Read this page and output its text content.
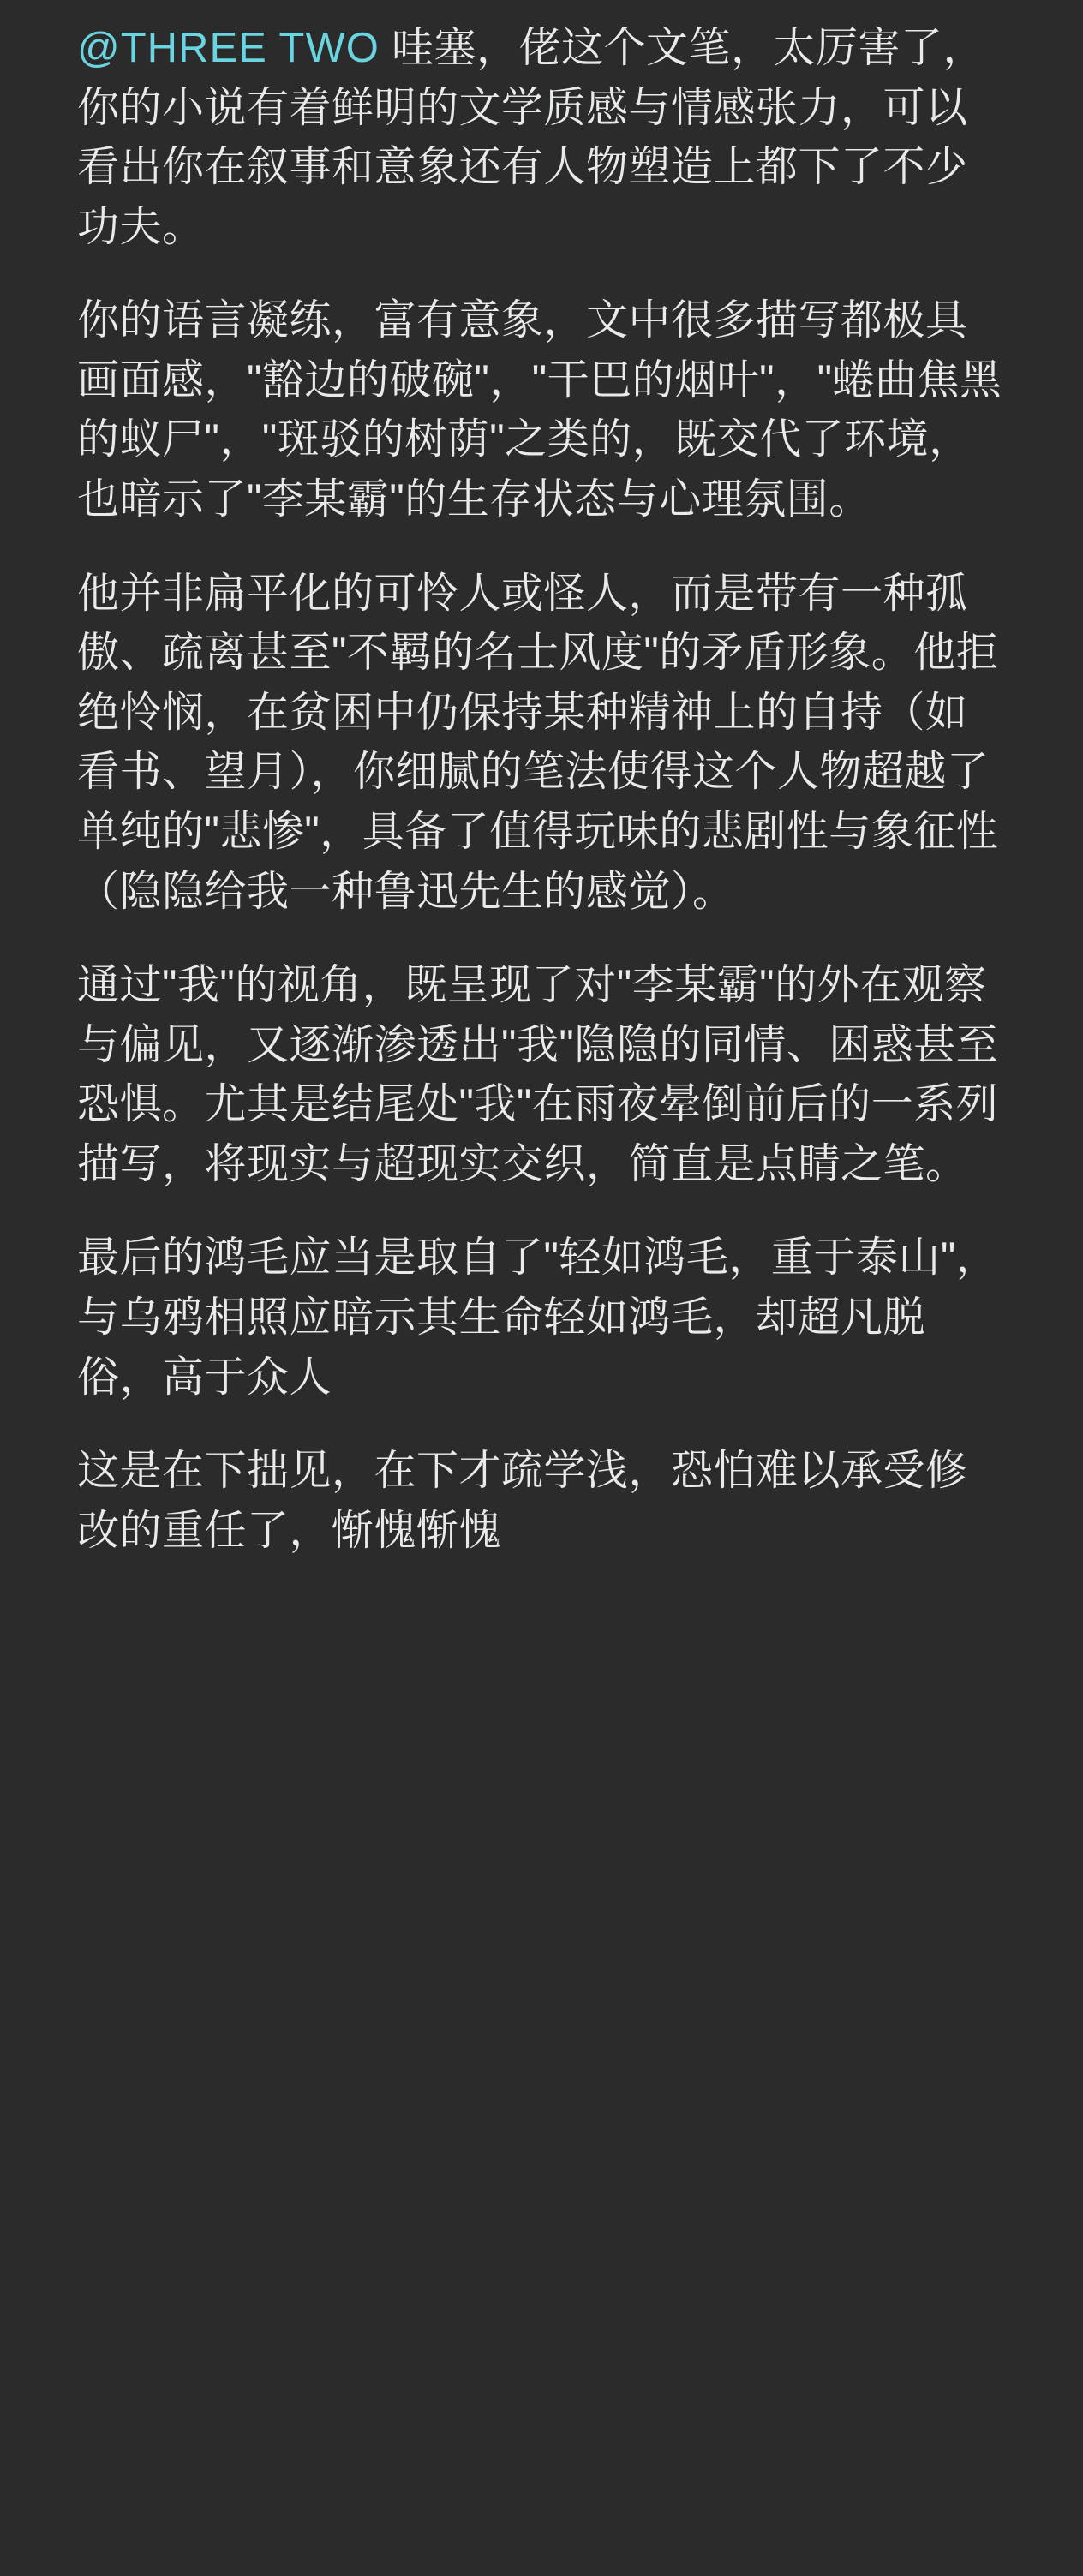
@THREE TWO 哇塞，佬这个文笔，太厉害了，你的小说有着鲜明的文学质感与情感张力，可以看出你在叙事和意象还有人物塑造上都下了不少功夫。

你的语言凝练，富有意象，文中很多描写都极具画面感，"豁边的破碗"，"干巴的烟叶"，"蜷曲焦黑的蚁尸"，"斑驳的树荫"之类的，既交代了环境，也暗示了"李某霸"的生存状态与心理氛围。

他并非扁平化的可怜人或怪人，而是带有一种孤傲、疏离甚至"不羁的名士风度"的矛盾形象。他拒绝怜悯，在贫困中仍保持某种精神上的自持（如看书、望月），你细腻的笔法使得这个人物超越了单纯的"悲惨"，具备了值得玩味的悲剧性与象征性（隐隐给我一种鲁迅先生的感觉）。

通过"我"的视角，既呈现了对"李某霸"的外在观察与偏见，又逐渐渗透出"我"隐隐的同情、困惑甚至恐惧。尤其是结尾处"我"在雨夜晕倒前后的一系列描写，将现实与超现实交织，简直是点睛之笔。

最后的鸿毛应当是取自了"轻如鸿毛，重于泰山"，与乌鸦相照应暗示其生命轻如鸿毛，却超凡脱俗，高于众人

这是在下拙见，在下才疏学浅，恐怕难以承受修改的重任了，惭愧惭愧
